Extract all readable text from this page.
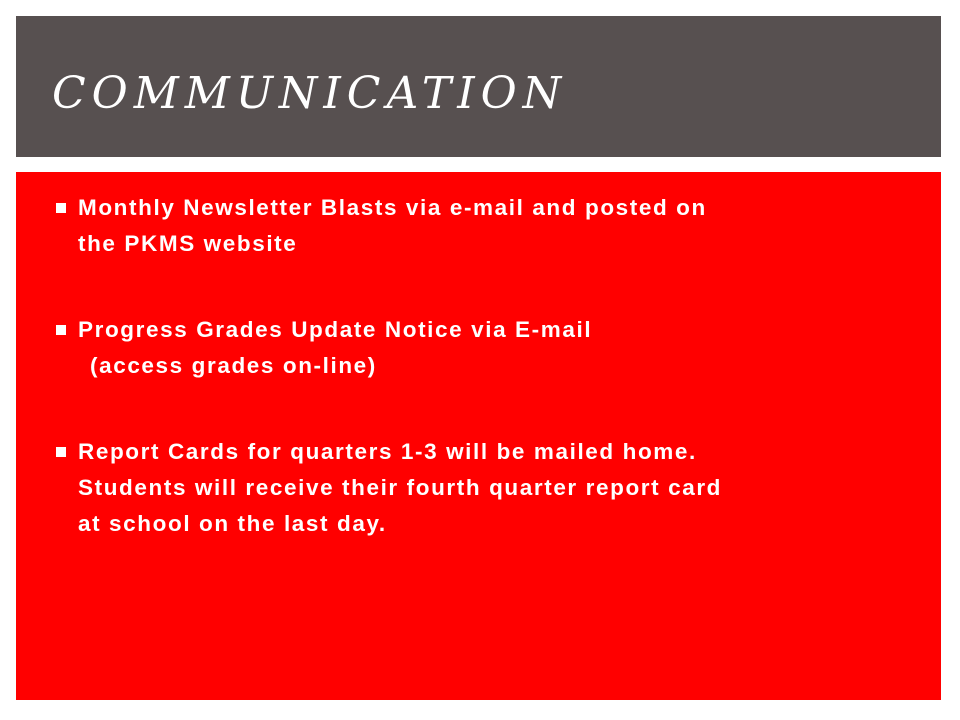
COMMUNICATION
Monthly Newsletter Blasts via e-mail and posted on
the PKMS website
Progress Grades Update Notice via E-mail
(access grades on-line)
Report Cards for quarters 1-3 will be mailed home.
Students will receive their fourth quarter report card
at school on the last day.
